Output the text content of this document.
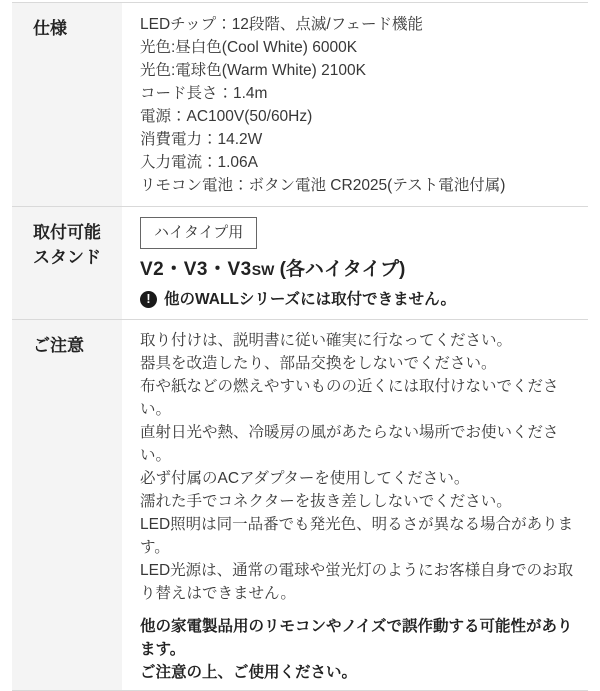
仕様	LEDチップ：12段階、点滅/フェード機能

光色:昼白色(Cool White) 6000K

光色:電球色(Warm White) 2100K

コード長さ：1.4m

電源：AC100V(50/60Hz)

消費電力：14.2W

入力電流：1.06A

リモコン電池：ボタン電池 CR2025(テスト電池付属)

取付可能
スタンド
ハイタイプ用

V2・V3・V3SW (各ハイタイプ)

! 他のWALLシリーズには取付できません。

ご注意	取り付けは、説明書に従い確実に行なってください。

器具を改造したり、部品交換をしないでください。

布や紙などの燃えやすいものの近くには取付けないでください。

直射日光や熱、冷暖房の風があたらない場所でお使いください。

必ず付属のACアダプターを使用してください。

濡れた手でコネクターを抜き差ししないでください。

LED照明は同一品番でも発光色、明るさが異なる場合があります。

LED光源は、通常の電球や蛍光灯のようにお客様自身でのお取り替えはできません。

他の家電製品用のリモコンやノイズで誤作動する可能性があります。

ご注意の上、ご使用ください。
